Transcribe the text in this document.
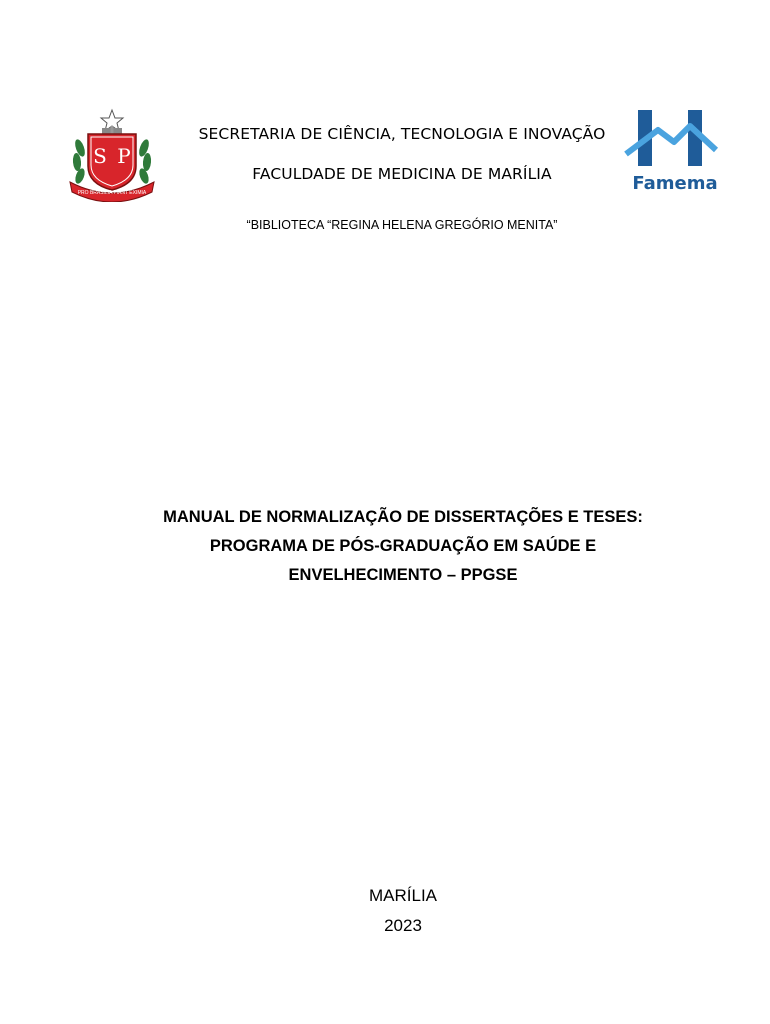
S P
PRO BRASILIA FIANT EXIMIA	Famema
SECRETARIA DE CIÊNCIA, TECNOLOGIA E INOVAÇÃO
FACULDADE DE MEDICINA DE MARÍLIA
“BIBLIOTECA “REGINA HELENA GREGÓRIO MENITA”
MANUAL DE NORMALIZAÇÃO DE DISSERTAÇÕES E TESES:
PROGRAMA DE PÓS-GRADUAÇÃO EM SAÚDE E
ENVELHECIMENTO – PPGSE
MARÍLIA
2023
